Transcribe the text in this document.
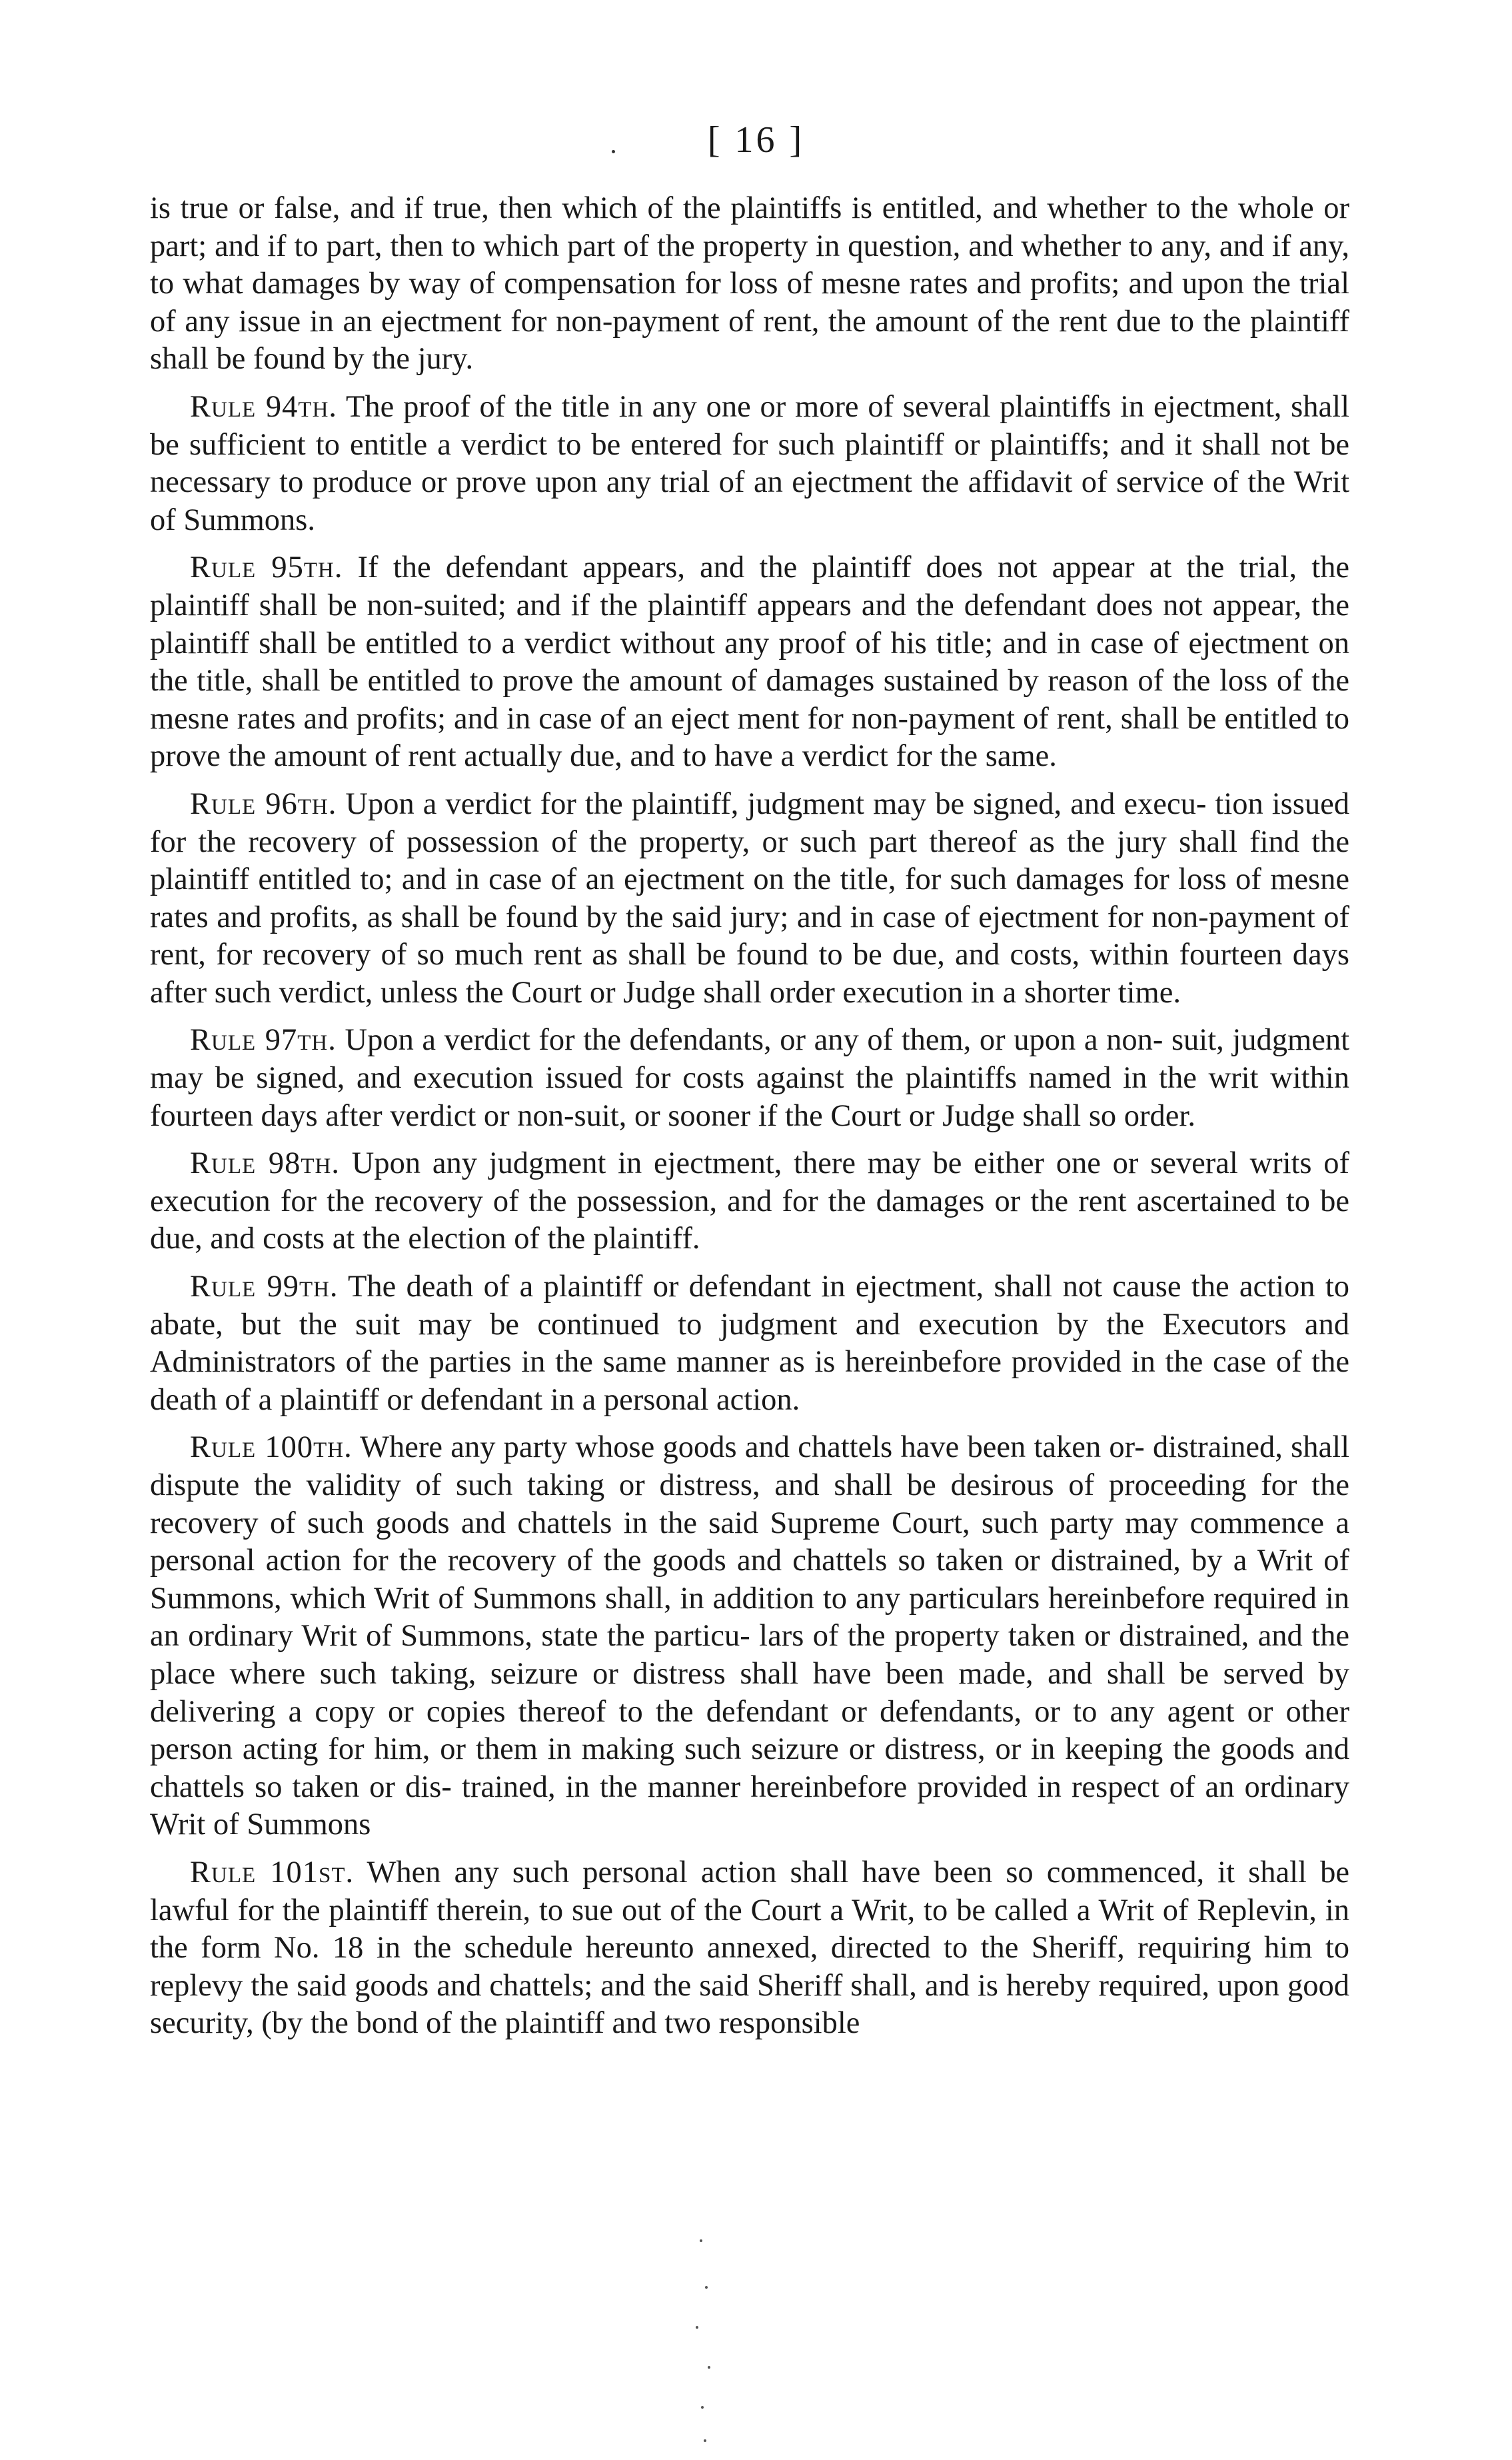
[ 16 ]

is true or false, and if true, then which of the plaintiffs is entitled, and whether to the whole or part; and if to part, then to which part of the property in question, and whether to any, and if any, to what damages by way of compensation for loss of mesne rates and profits; and upon the trial of any issue in an ejectment for non-payment of rent, the amount of the rent due to the plaintiff shall be found by the jury.

Rule 94th. The proof of the title in any one or more of several plaintiffs in ejectment, shall be sufficient to entitle a verdict to be entered for such plaintiff or plaintiffs; and it shall not be necessary to produce or prove upon any trial of an ejectment the affidavit of service of the Writ of Summons.

Rule 95th. If the defendant appears, and the plaintiff does not appear at the trial, the plaintiff shall be non-suited; and if the plaintiff appears and the defendant does not appear, the plaintiff shall be entitled to a verdict without any proof of his title; and in case of ejectment on the title, shall be entitled to prove the amount of damages sustained by reason of the loss of the mesne rates and profits; and in case of an eject ment for non-payment of rent, shall be entitled to prove the amount of rent actually due, and to have a verdict for the same.

Rule 96th. Upon a verdict for the plaintiff, judgment may be signed, and execu- tion issued for the recovery of possession of the property, or such part thereof as the jury shall find the plaintiff entitled to; and in case of an ejectment on the title, for such damages for loss of mesne rates and profits, as shall be found by the said jury; and in case of ejectment for non-payment of rent, for recovery of so much rent as shall be found to be due, and costs, within fourteen days after such verdict, unless the Court or Judge shall order execution in a shorter time.

Rule 97th. Upon a verdict for the defendants, or any of them, or upon a non- suit, judgment may be signed, and execution issued for costs against the plaintiffs named in the writ within fourteen days after verdict or non-suit, or sooner if the Court or Judge shall so order.

Rule 98th. Upon any judgment in ejectment, there may be either one or several writs of execution for the recovery of the possession, and for the damages or the rent ascertained to be due, and costs at the election of the plaintiff.

Rule 99th. The death of a plaintiff or defendant in ejectment, shall not cause the action to abate, but the suit may be continued to judgment and execution by the Executors and Administrators of the parties in the same manner as is hereinbefore provided in the case of the death of a plaintiff or defendant in a personal action.

Rule 100th. Where any party whose goods and chattels have been taken or- distrained, shall dispute the validity of such taking or distress, and shall be desirous of proceeding for the recovery of such goods and chattels in the said Supreme Court, such party may commence a personal action for the recovery of the goods and chattels so taken or distrained, by a Writ of Summons, which Writ of Summons shall, in addition to any particulars hereinbefore required in an ordinary Writ of Summons, state the particu- lars of the property taken or distrained, and the place where such taking, seizure or distress shall have been made, and shall be served by delivering a copy or copies thereof to the defendant or defendants, or to any agent or other person acting for him, or them in making such seizure or distress, or in keeping the goods and chattels so taken or dis- trained, in the manner hereinbefore provided in respect of an ordinary Writ of Summons

Rule 101st. When any such personal action shall have been so commenced, it shall be lawful for the plaintiff therein, to sue out of the Court a Writ, to be called a Writ of Replevin, in the form No. 18 in the schedule hereunto annexed, directed to the Sheriff, requiring him to replevy the said goods and chattels; and the said Sheriff shall, and is hereby required, upon good security, (by the bond of the plaintiff and two responsible
